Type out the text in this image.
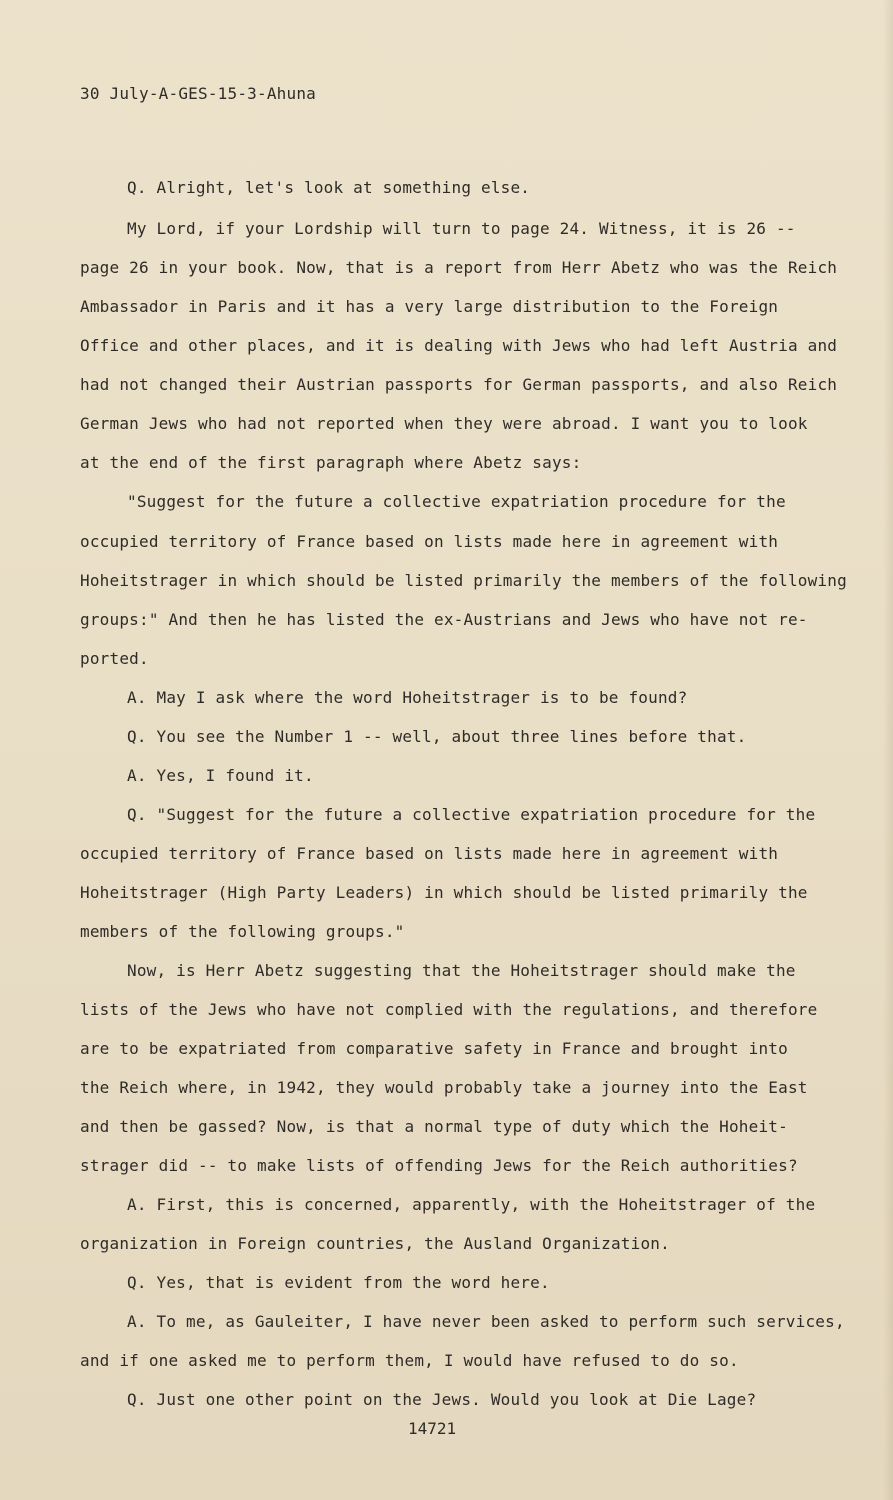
30 July-A-GES-15-3-Ahuna
Q. Alright, let's look at something else.
My Lord, if your Lordship will turn to page 24. Witness, it is 26 --
page 26 in your book. Now, that is a report from Herr Abetz who was the Reich
Ambassador in Paris and it has a very large distribution to the Foreign
Office and other places, and it is dealing with Jews who had left Austria and
had not changed their Austrian passports for German passports, and also Reich
German Jews who had not reported when they were abroad. I want you to look
at the end of the first paragraph where Abetz says:
"Suggest for the future a collective expatriation procedure for the
occupied territory of France based on lists made here in agreement with
Hoheitstrager in which should be listed primarily the members of the following
groups:" And then he has listed the ex-Austrians and Jews who have not re-
ported.
A. May I ask where the word Hoheitstrager is to be found?
Q. You see the Number 1 -- well, about three lines before that.
A. Yes, I found it.
Q. "Suggest for the future a collective expatriation procedure for the
occupied territory of France based on lists made here in agreement with
Hoheitstrager (High Party Leaders) in which should be listed primarily the
members of the following groups."
Now, is Herr Abetz suggesting that the Hoheitstrager should make the
lists of the Jews who have not complied with the regulations, and therefore
are to be expatriated from comparative safety in France and brought into
the Reich where, in 1942, they would probably take a journey into the East
and then be gassed? Now, is that a normal type of duty which the Hoheit-
strager did -- to make lists of offending Jews for the Reich authorities?
A. First, this is concerned, apparently, with the Hoheitstrager of the
organization in Foreign countries, the Ausland Organization.
Q. Yes, that is evident from the word here.
A. To me, as Gauleiter, I have never been asked to perform such services,
and if one asked me to perform them, I would have refused to do so.
Q. Just one other point on the Jews. Would you look at Die Lage?
14721
